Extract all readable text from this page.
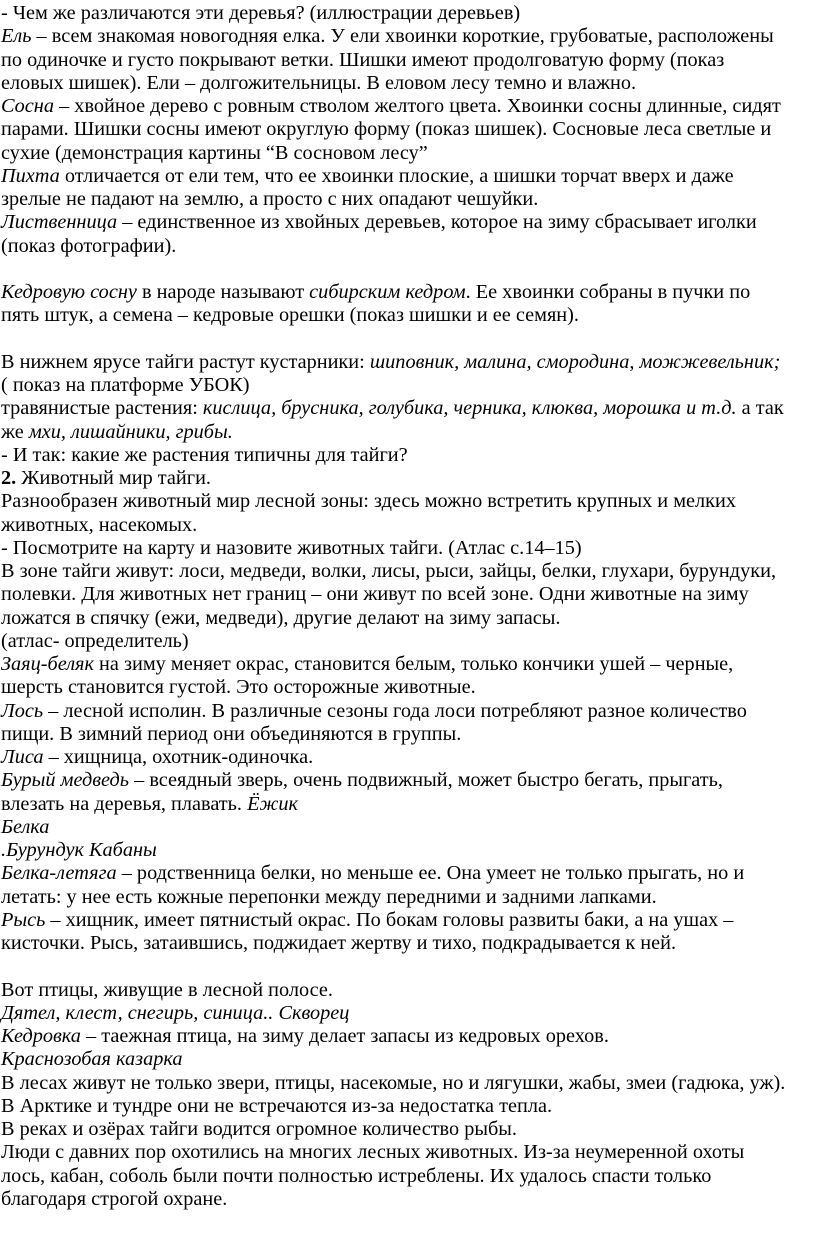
- Чем же различаются эти деревья? (иллюстрации деревьев)
Ель – всем знакомая новогодняя елка. У ели хвоинки короткие, грубоватые, расположены
по одиночке и густо покрывают ветки. Шишки имеют продолговатую форму (показ
еловых шишек). Ели – долгожительницы. В еловом лесу темно и влажно.
Сосна – хвойное дерево с ровным стволом желтого цвета. Хвоинки сосны длинные, сидят
парами. Шишки сосны имеют округлую форму (показ шишек). Сосновые леса светлые и
сухие (демонстрация картины “В сосновом лесу”
Пихта отличается от ели тем, что ее хвоинки плоские, а шишки торчат вверх и даже
зрелые не падают на землю, а просто с них опадают чешуйки.
Лиственница – единственное из хвойных деревьев, которое на зиму сбрасывает иголки
(показ фотографии).
Кедровую сосну в народе называют сибирским кедром. Ее хвоинки собраны в пучки по
пять штук, а семена – кедровые орешки (показ шишки и ее семян).
В нижнем ярусе тайги растут кустарники: шиповник, малина, смородина, можжевельник;
( показ на платформе УБОК)
травянистые растения: кислица, брусника, голубика, черника, клюква, морошка и т.д. а так
же мхи, лишайники, грибы.
- И так: какие же растения типичны для тайги?
2. Животный мир тайги.
Разнообразен животный мир лесной зоны: здесь можно встретить крупных и мелких
животных, насекомых.
- Посмотрите на карту и назовите животных тайги. (Атлас с.14–15)
В зоне тайги живут: лоси, медведи, волки, лисы, рыси, зайцы, белки, глухари, бурундуки,
полевки. Для животных нет границ – они живут по всей зоне. Одни животные на зиму
ложатся в спячку (ежи, медведи), другие делают на зиму запасы.
(атлас- определитель)
Заяц-беляк на зиму меняет окрас, становится белым, только кончики ушей – черные,
шерсть становится густой. Это осторожные животные.
Лось – лесной исполин. В различные сезоны года лоси потребляют разное количество
пищи. В зимний период они объединяются в группы.
Лиса – хищница, охотник-одиночка.
Бурый медведь – всеядный зверь, очень подвижный, может быстро бегать, прыгать,
влезать на деревья, плавать. Ёжик
Белка
.Бурундук Кабаны
Белка-летяга – родственница белки, но меньше ее. Она умеет не только прыгать, но и
летать: у нее есть кожные перепонки между передними и задними лапками.
Рысь – хищник, имеет пятнистый окрас. По бокам головы развиты баки, а на ушах –
кисточки. Рысь, затаившись, поджидает жертву и тихо, подкрадывается к ней.
Вот птицы, живущие в лесной полосе.
Дятел, клест, снегирь, синица.. Скворец
Кедровка – таежная птица, на зиму делает запасы из кедровых орехов.
Краснозобая казарка
В лесах живут не только звери, птицы, насекомые, но и лягушки, жабы, змеи (гадюка, уж).
В Арктике и тундре они не встречаются из-за недостатка тепла.
В реках и озёрах тайги водится огромное количество рыбы.
Люди с давних пор охотились на многих лесных животных. Из-за неумеренной охоты
лось, кабан, соболь были почти полностью истреблены. Их удалось спасти только
благодаря строгой охране.
